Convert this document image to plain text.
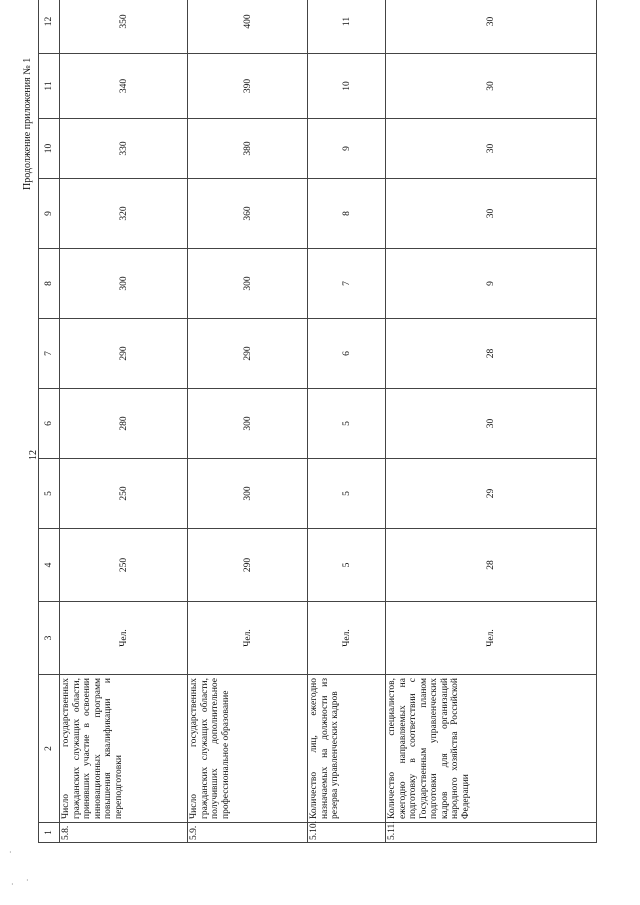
Продолжение приложения № 1
12
1	2	3	4	5	6	7	8	9	10	11	12
5.8.	Число государственных гражданских служащих области, принявших участие в освоении инновационных программ повышения квалификации и переподготовки	Чел.	250	250	280	290	300	320	330	340	350
5.9.	Число государственных гражданских служащих области, получивших дополнительное профессиональное образование	Чел.	290	300	300	290	300	360	380	390	400
5.10.	Количество лиц, ежегодно назначаемых на должности из резерва управленческих кадров	Чел.	5	5	5	6	7	8	9	10	11
5.11.	Количество специалистов, ежегодно направляемых на подготовку в соответствии с Государственным планом подготовки управленческих кадров для организаций народного хозяйства Российской Федерации	Чел.	28	29	30	28	9	30	30	30	30
·
· ·
